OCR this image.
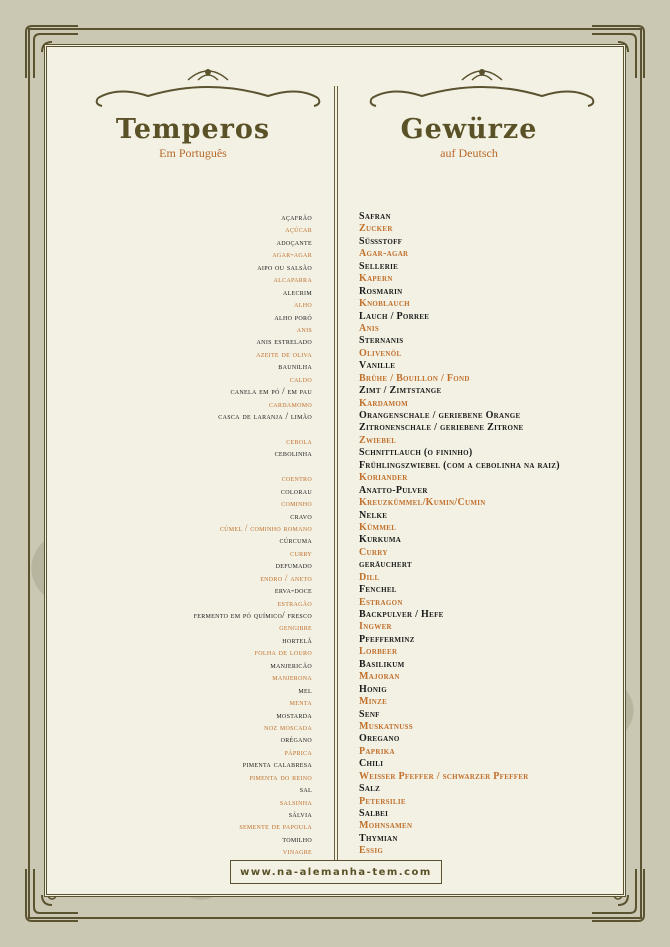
Temperos
Em Português
Gewürze
auf Deutsch
açafrão
açúcar
adoçante
agar-agar
aipo ou salsão
alcaparra
alecrim
alho
alho poró
anis
anis estrelado
azeite de oliva
baunilha
caldo
canela em pó / em pau
cardamomo
casca de laranja / limão
cebola
cebolinha
coentro
colorau
cominho
cravo
cúmel / cominho romano
cúrcuma
curry
defumado
endro / aneto
erva-doce
estragão
fermento em pó químico/ fresco
gengibre
hortelã
folha de louro
manjericão
manjerona
mel
menta
mostarda
noz moscada
orégano
páprica
pimenta calabresa
pimenta do reino
sal
salsinha
sálvia
semente de papoula
tomilho
vinagre
Safran
Zucker
Süßstoff
Agar-agar
Sellerie
Kapern
Rosmarin
Knoblauch
Lauch / Porree
Anis
Sternanis
Olivenöl
Vanille
Brühe / Bouillon / Fond
Zimt / Zimtstange
Kardamom
Orangenschale / geriebene Orange
Zitronenschale / geriebene Zitrone
Zwiebel
Schnittlauch (o fininho)
Frühlingszwiebel (com a cebolinha na raiz)
Koriander
Anatto-Pulver
Kreuzkümmel/Kumin/Cumin
Nelke
Kümmel
Kurkuma
Curry
geräuchert
Dill
Fenchel
Estragon
Backpulver / Hefe
Ingwer
Pfefferminz
Lorbeer
Basilikum
Majoran
Honig
Minze
Senf
Muskatnuss
Oregano
Paprika
Chili
Weißer Pfeffer / schwarzer Pfeffer
Salz
Petersilie
Salbei
Mohnsamen
Thymian
Essig
www.na-alemanha-tem.com
